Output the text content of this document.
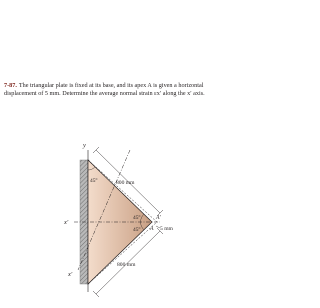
7-87. The triangular plate is fixed at its base, and its apex A is given a horizontal displacement of 5 mm. Determine the average normal strain εx′ along the x′ axis.

y
x′
x′
800 mm
800 mm
45°
45°
45° A
A′
5 mm
